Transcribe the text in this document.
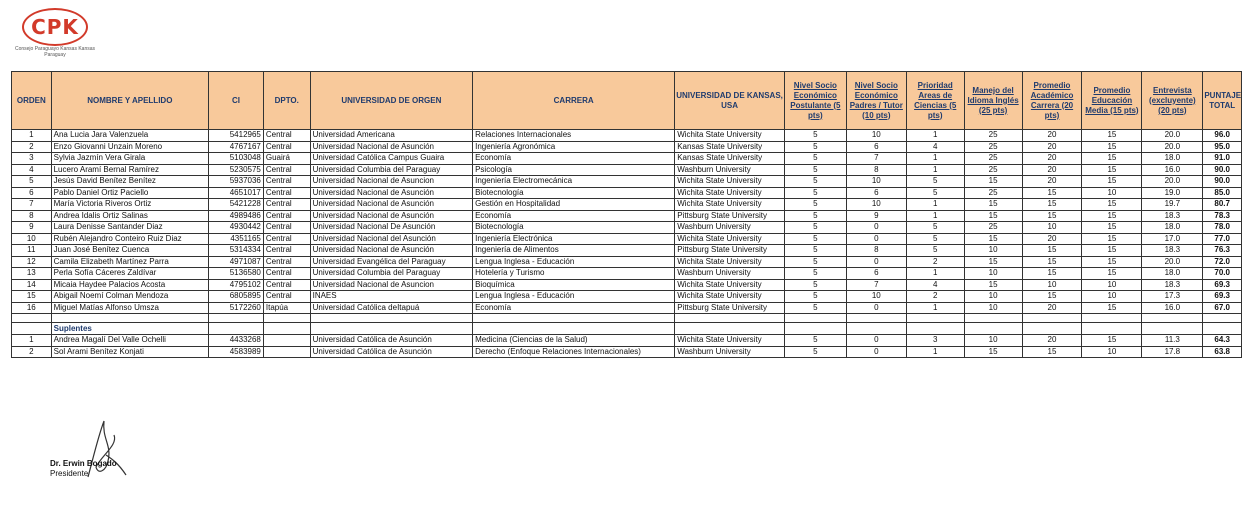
CPK
Consejo Paraguayo Kansas Kansas Paraguay
ORDEN	NOMBRE Y APELLIDO	CI	DPTO.	UNIVERSIDAD DE ORGEN	CARRERA	UNIVERSIDAD DE KANSAS, USA	Nivel Socio Económico Postulante (5 pts)	Nivel Socio Económico Padres / Tutor (10 pts)	Prioridad Areas de Ciencias (5 pts)	Manejo del Idioma Inglés (25 pts)	Promedio Académico Carrera (20 pts)	Promedio Educación Media (15 pts)	Entrevista (excluyente) (20 pts)	PUNTAJE TOTAL
1	Ana Lucia Jara Valenzuela	5412965	Central	Universidad Americana	Relaciones Internacionales	Wichita State University	5	10	1	25	20	15	20.0	96.0
2	Enzo Giovanni Unzain Moreno	4767167	Central	Universidad Nacional de Asunción	Ingeniería Agronómica	Kansas State University	5	6	4	25	20	15	20.0	95.0
3	Sylvia Jazmín Vera Girala	5103048	Guairá	Universidad Católica Campus Guaira	Economía	Kansas State University	5	7	1	25	20	15	18.0	91.0
4	Lucero Aramí Bernal Ramírez	5230575	Central	Universidad Columbia del Paraguay	Psicología	Washburn University	5	8	1	25	20	15	16.0	90.0
5	Jesús David Benítez Benítez	5937036	Central	Universidad Nacional de Asuncion	Ingeniería Electromecánica	Wichita State University	5	10	5	15	20	15	20.0	90.0
6	Pablo Daniel Ortiz Paciello	4651017	Central	Universidad Nacional de Asunción	Biotecnología	Wichita State University	5	6	5	25	15	10	19.0	85.0
7	María Victoria Riveros Ortiz	5421228	Central	Universidad Nacional de Asunción	Gestión en Hospitalidad	Wichita State University	5	10	1	15	15	15	19.7	80.7
8	Andrea Idalis Ortiz Salinas	4989486	Central	Universidad Nacional de Asunción	Economía	Pittsburg State University	5	9	1	15	15	15	18.3	78.3
9	Laura Denisse Santander Diaz	4930442	Central	Universidad Nacional De Asunción	Biotecnología	Washburn University	5	0	5	25	10	15	18.0	78.0
10	Rubén Alejandro Conteiro Ruiz Diaz	4351165	Central	Universidad Nacional del Asunción	Ingeniería Electrónica	Wichita State University	5	0	5	15	20	15	17.0	77.0
11	Juan José Benítez Cuenca	5314334	Central	Universidad Nacional de Asunción	Ingeniería de Alimentos	Pittsburg State University	5	8	5	10	15	15	18.3	76.3
12	Camila Elizabeth Martínez Parra	4971087	Central	Universidad Evangélica del Paraguay	Lengua Inglesa - Educación	Wichita State University	5	0	2	15	15	15	20.0	72.0
13	Perla Sofía Cáceres Zaldívar	5136580	Central	Universidad Columbia del Paraguay	Hotelería y Turismo	Washburn University	5	6	1	10	15	15	18.0	70.0
14	Micaia Haydee Palacios Acosta	4795102	Central	Universidad Nacional de Asuncion	Bioquímica	Wichita State University	5	7	4	15	10	10	18.3	69.3
15	Abigail Noemí Colman Mendoza	6805895	Central	INAES	Lengua Inglesa - Educación	Wichita State University	5	10	2	10	15	10	17.3	69.3
16	Miguel Matías Alfonso Umsza	5172260	Itapúa	Universidad Católica deItapuá	Economía	Pittsburg State University	5	0	1	10	20	15	16.0	67.0

	Suplentes													
1	Andrea Magalí Del Valle Ochelli	4433268		Universidad Católica de Asunción	Medicina (Ciencias de la Salud)	Wichita State University	5	0	3	10	20	15	11.3	64.3
2	Sol Arami Benítez Konjati	4583989		Universidad Católica de Asunción	Derecho (Enfoque Relaciones Internacionales)	Washburn University	5	0	1	15	15	10	17.8	63.8
Dr. Erwin Bogado
Presidente
